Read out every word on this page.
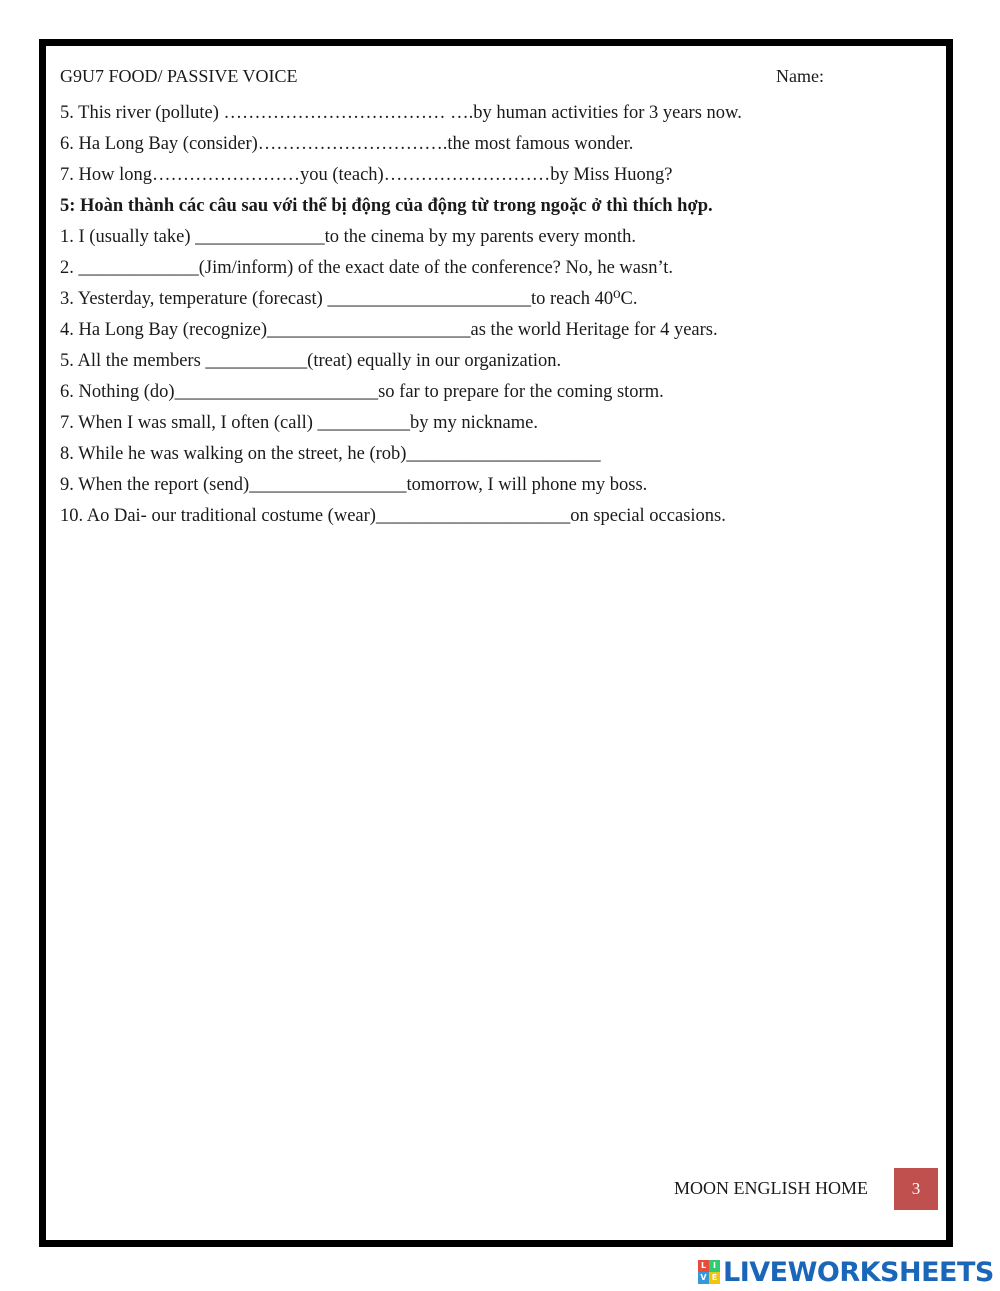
G9U7 FOOD/ PASSIVE VOICE	Name:
5. This river (pollute) ……………………………… ….by human activities for 3 years now.
6. Ha Long Bay (consider)………………………….the most famous wonder.
7. How long……………………you (teach)………………………by Miss Huong?
5: Hoàn thành các câu sau với thể bị động của động từ trong ngoặc ở thì thích hợp.
1. I (usually take) ______________to the cinema by my parents every month.
2. _____________(Jim/inform) of the exact date of the conference? No, he wasn’t.
3. Yesterday, temperature (forecast) ______________________to reach 40⁰C.
4. Ha Long Bay (recognize)______________________as the world Heritage for 4 years.
5. All the members ___________(treat) equally in our organization.
6. Nothing (do)______________________so far to prepare for the coming storm.
7. When I was small, I often (call) __________by my nickname.
8. While he was walking on the street, he (rob)_____________________
9. When the report (send)_________________tomorrow, I will phone my boss.
10. Ao Dai- our traditional costume (wear)_____________________on special occasions.
MOON ENGLISH HOME	3
L I
V E LIVEWORKSHEETS
